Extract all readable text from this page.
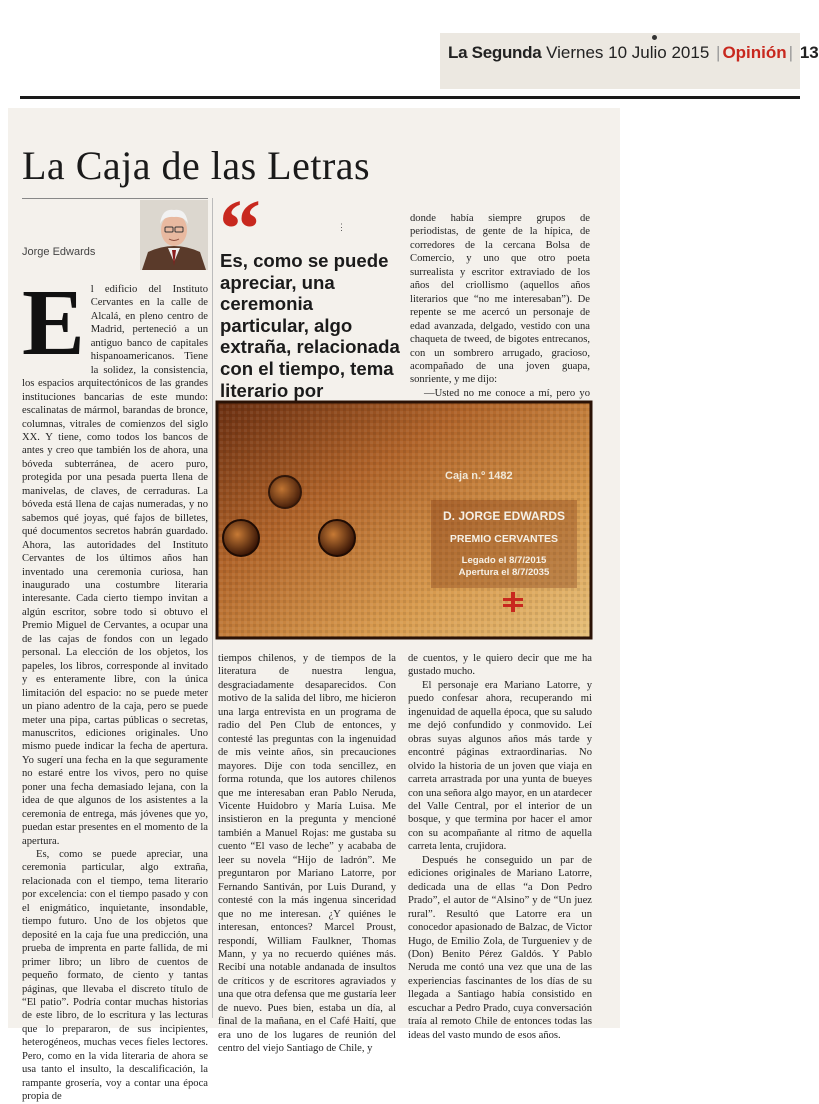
La Segunda Viernes 10 Julio 2015 | Opinión | 13
La Caja de las Letras
Jorge Edwards
E l edificio del Instituto Cervantes en la calle de Alcalá, en pleno centro de Madrid, perteneció a un antiguo banco de capitales hispanoamericanos. Tiene la solidez, la consistencia, los espacios arquitectónicos de las grandes instituciones bancarias de este mundo: escalinatas de mármol, barandas de bronce, columnas, vitrales de comienzos del siglo XX. Y tiene, como todos los bancos de antes y creo que también los de ahora, una bóveda subterránea, de acero puro, protegida por una pesada puerta llena de manivelas, de claves, de cerraduras. La bóveda está llena de cajas numeradas, y no sabemos qué joyas, qué fajos de billetes, qué documentos secretos habrán guardado. Ahora, las autoridades del Instituto Cervantes de los últimos años han inventado una ceremonia curiosa, han inaugurado una costumbre literaria interesante. Cada cierto tiempo invitan a algún escritor, sobre todo si obtuvo el Premio Miguel de Cervantes, a ocupar una de las cajas de fondos con un legado personal. La elección de los objetos, los papeles, los libros, corresponde al invitado y es enteramente libre, con la única limitación del espacio: no se puede meter un piano adentro de la caja, pero se puede meter una pipa, cartas públicas o secretas, manuscritos, ediciones originales. Uno mismo puede indicar la fecha de apertura. Yo sugerí una fecha en la que seguramente no estaré entre los vivos, pero no quise poner una fecha demasiado lejana, con la idea de que algunos de los asistentes a la ceremonia de entrega, más jóvenes que yo, puedan estar presentes en el momento de la apertura.

Es, como se puede apreciar, una ceremonia particular, algo extraña, relacionada con el tiempo, tema literario por excelencia: con el tiempo pasado y con el enigmático, inquietante, insondable, tiempo futuro. Uno de los objetos que deposité en la caja fue una predicción, una prueba de imprenta en parte fallida, de mi primer libro; un libro de cuentos de pequeño formato, de ciento y tantas páginas, que llevaba el discreto título de “El patio”. Podría contar muchas historias de este libro, de lo escritura y las lecturas que lo prepararon, de sus incipientes, heterogéneos, muchas veces fieles lectores. Pero, como en la vida literaria de ahora se usa tanto el insulto, la descalificación, la rampante grosería, voy a contar una época propia de

“	⋮
Es, como se puede apreciar, una ceremonia particular, algo extraña, relacionada con el tiempo, tema literario por

donde había siempre grupos de periodistas, de gente de la hípica, de corredores de la cercana Bolsa de Comercio, y uno que otro poeta surrealista y escritor extraviado de los años del criollismo (aquellos años literarios que “no me interesaban”). De repente se me acercó un personaje de edad avanzada, delgado, vestido con una chaqueta de tweed, de bigotes entrecanos, con un sombrero arrugado, gracioso, acompañado de una joven guapa, sonriente, y me dijo:

—Usted no me conoce a mí, pero yo

Caja n.º 1482
D. JORGE EDWARDS
PREMIO CERVANTES
Legado el 8/7/2015
Apertura el 8/7/2035

tiempos chilenos, y de tiempos de la literatura de nuestra lengua, desgraciadamente desaparecidos. Con motivo de la salida del libro, me hicieron una larga entrevista en un programa de radio del Pen Club de entonces, y contesté las preguntas con la ingenuidad de mis veinte años, sin precauciones mayores. Dije con toda sencillez, en forma rotunda, que los autores chilenos que me interesaban eran Pablo Neruda, Vicente Huidobro y María Luisa. Me insistieron en la pregunta y mencioné también a Manuel Rojas: me gustaba su cuento “El vaso de leche” y acababa de leer su novela “Hijo de ladrón”. Me preguntaron por Mariano Latorre, por Fernando Santiván, por Luis Durand, y contesté con la más ingenua sinceridad que no me interesan. ¿Y quiénes le interesan, entonces? Marcel Proust, respondí, William Faulkner, Thomas Mann, y ya no recuerdo quiénes más. Recibí una notable andanada de insultos de críticos y de escritores agraviados y una que otra defensa que me gustaría leer de nuevo. Pues bien, estaba un día, al final de la mañana, en el Café Haití, que era uno de los lugares de reunión del centro del viejo Santiago de Chile, y

de cuentos, y le quiero decir que me ha gustado mucho.

El personaje era Mariano Latorre, y puedo confesar ahora, recuperando mi ingenuidad de aquella época, que su saludo me dejó confundido y conmovido. Leí obras suyas algunos años más tarde y encontré páginas extraordinarias. No olvido la historia de un joven que viaja en carreta arrastrada por una yunta de bueyes con una señora algo mayor, en un atardecer del Valle Central, por el interior de un bosque, y que termina por hacer el amor con su acompañante al ritmo de aquella carreta lenta, crujidora.

Después he conseguido un par de ediciones originales de Mariano Latorre, dedicada una de ellas “a Don Pedro Prado”, el autor de “Alsino” y de “Un juez rural”. Resultó que Latorre era un conocedor apasionado de Balzac, de Victor Hugo, de Emilio Zola, de Turgueniev y de (Don) Benito Pérez Galdós. Y Pablo Neruda me contó una vez que una de las experiencias fascinantes de los días de su llegada a Santiago había consistido en escuchar a Pedro Prado, cuya conversación traía al remoto Chile de entonces todas las ideas del vasto mundo de esos años.
